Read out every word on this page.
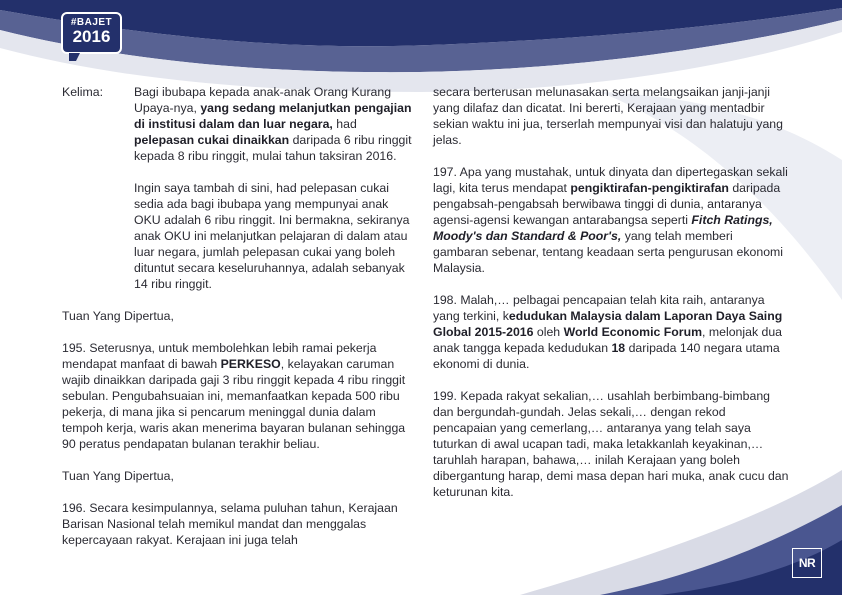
#BAJET
2016
Kelima:	Bagi ibubapa kepada anak-anak Orang Kurang Upaya-nya, yang sedang melanjutkan pengajian di institusi dalam dan luar negara, had pelepasan cukai dinaikkan daripada 6 ribu ringgit kepada 8 ribu ringgit, mulai tahun taksiran 2016.

Ingin saya tambah di sini, had pelepasan cukai sedia ada bagi ibubapa yang mempunyai anak OKU adalah 6 ribu ringgit. Ini bermakna, sekiranya anak OKU ini melanjutkan pelajaran di dalam atau luar negara, jumlah pelepasan cukai yang boleh dituntut secara keseluruhannya, adalah sebanyak 14 ribu ringgit.

Tuan Yang Dipertua,

195. Seterusnya, untuk membolehkan lebih ramai pekerja mendapat manfaat di bawah PERKESO, kelayakan caruman wajib dinaikkan daripada gaji 3 ribu ringgit kepada 4 ribu ringgit sebulan. Pengubahsuaian ini, memanfaatkan kepada 500 ribu pekerja, di mana jika si pencarum meninggal dunia dalam tempoh kerja, waris akan menerima bayaran bulanan sehingga 90 peratus pendapatan bulanan terakhir beliau.

Tuan Yang Dipertua,

196. Secara kesimpulannya, selama puluhan tahun, Kerajaan Barisan Nasional telah memikul mandat dan menggalas kepercayaan rakyat. Kerajaan ini juga telah

secara berterusan melunasakan serta melangsaikan janji-janji yang dilafaz dan dicatat. Ini bererti, Kerajaan yang mentadbir sekian waktu ini jua, terserlah mempunyai visi dan halatuju yang jelas.

197. Apa yang mustahak, untuk dinyata dan dipertegaskan sekali lagi, kita terus mendapat pengiktirafan-pengiktirafan daripada pengabsah-pengabsah berwibawa tinggi di dunia, antaranya agensi-agensi kewangan antarabangsa seperti Fitch Ratings, Moody's dan Standard & Poor's, yang telah memberi gambaran sebenar, tentang keadaan serta pengurusan ekonomi Malaysia.

198. Malah,… pelbagai pencapaian telah kita raih, antaranya yang terkini, kedudukan Malaysia dalam Laporan Daya Saing Global 2015-2016 oleh World Economic Forum, melonjak dua anak tangga kepada kedudukan 18 daripada 140 negara utama ekonomi di dunia.

199. Kepada rakyat sekalian,… usahlah berbimbang-bimbang dan bergundah-gundah. Jelas sekali,… dengan rekod pencapaian yang cemerlang,… antaranya yang telah saya tuturkan di awal ucapan tadi, maka letakkanlah keyakinan,… taruhlah harapan, bahawa,… inilah Kerajaan yang boleh dibergantung harap, demi masa depan hari muka, anak cucu dan keturunan kita.

NR
